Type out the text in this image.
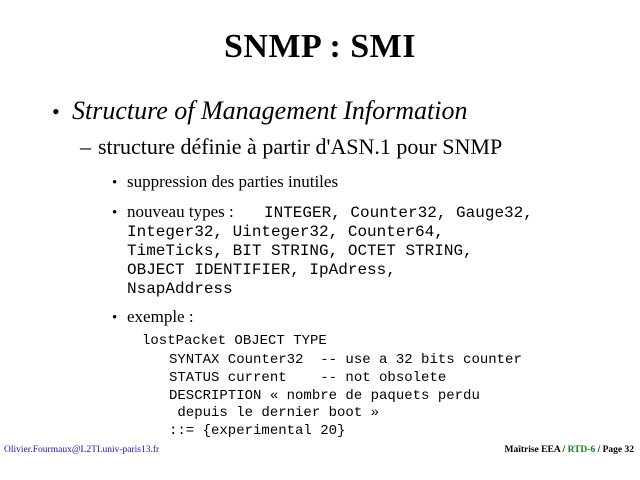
SNMP : SMI
• Structure of Management Information
– structure définie à partir d'ASN.1 pour SNMP
• suppression des parties inutiles
• nouveau types : INTEGER, Counter32, Gauge32,
Integer32, Uinteger32, Counter64,
TimeTicks, BIT STRING, OCTET STRING,
OBJECT IDENTIFIER, IpAdress,
NsapAddress
• exemple :
lostPacket OBJECT TYPE
SYNTAX Counter32  -- use a 32 bits counter
STATUS current    -- not obsolete
DESCRIPTION « nombre de paquets perdu
depuis le dernier boot »
::= {experimental 20}
Olivier.Fourmaux@L2TI.univ-paris13.fr	Maîtrise EEA / RTD-6 / Page 32
